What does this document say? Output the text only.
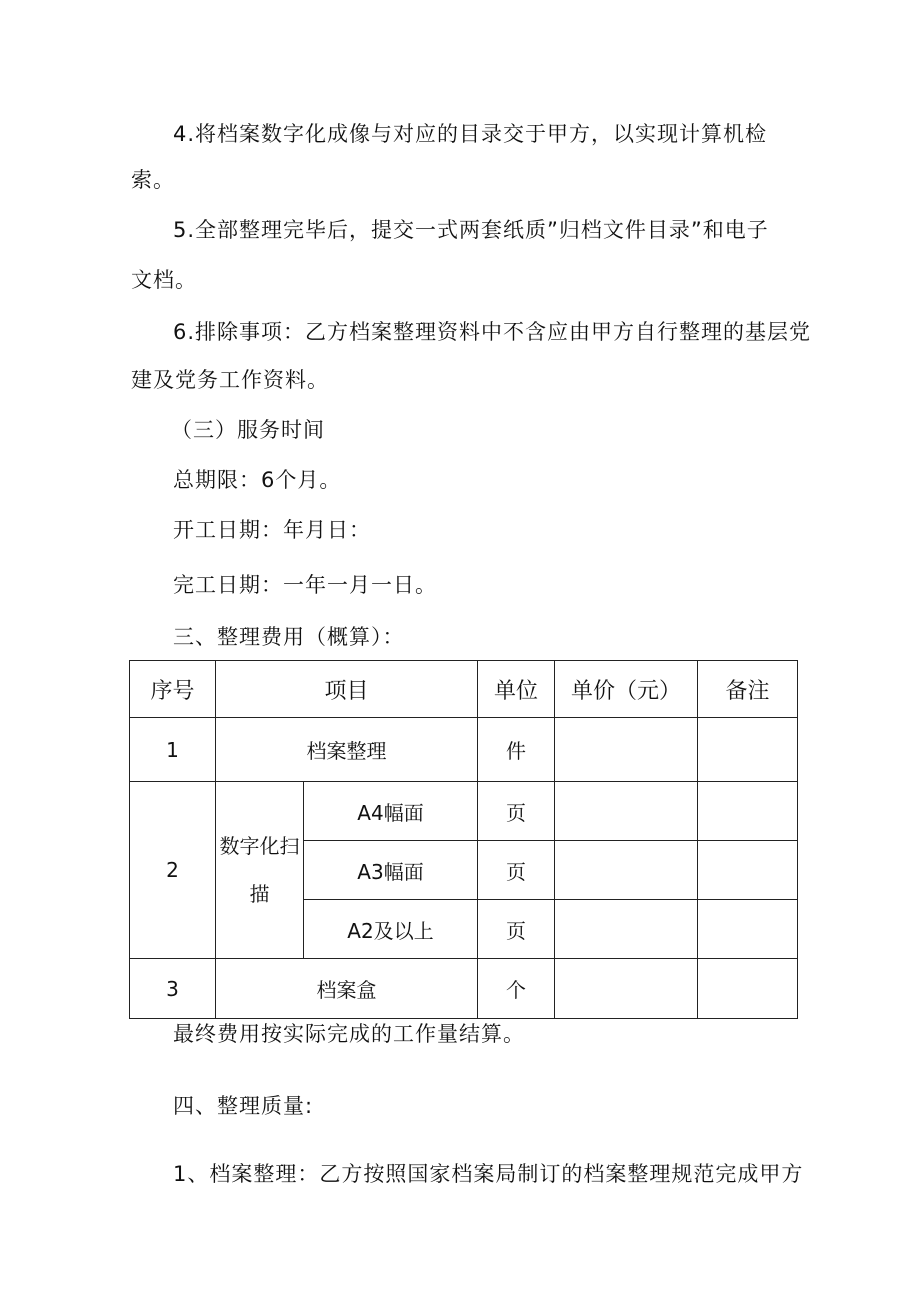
4.将档案数字化成像与对应的目录交于甲方，以实现计算机检

索。

5.全部整理完毕后，提交一式两套纸质”归档文件目录”和电子

文档。

6.排除事项：乙方档案整理资料中不含应由甲方自行整理的基层党

建及党务工作资料。

（三）服务时间

总期限：6个月。

开工日期：年月日：

完工日期：一年一月一日。

三、整理费用（概算）：

序号	项目		单位	单价（元）	备注
1	档案整理		件		
2	数字化扫描	A4幅面	页		
		A3幅面	页		
		A2及以上	页		
3	档案盒		个		

最终费用按实际完成的工作量结算。

四、整理质量:

1、档案整理：乙方按照国家档案局制订的档案整理规范完成甲方
